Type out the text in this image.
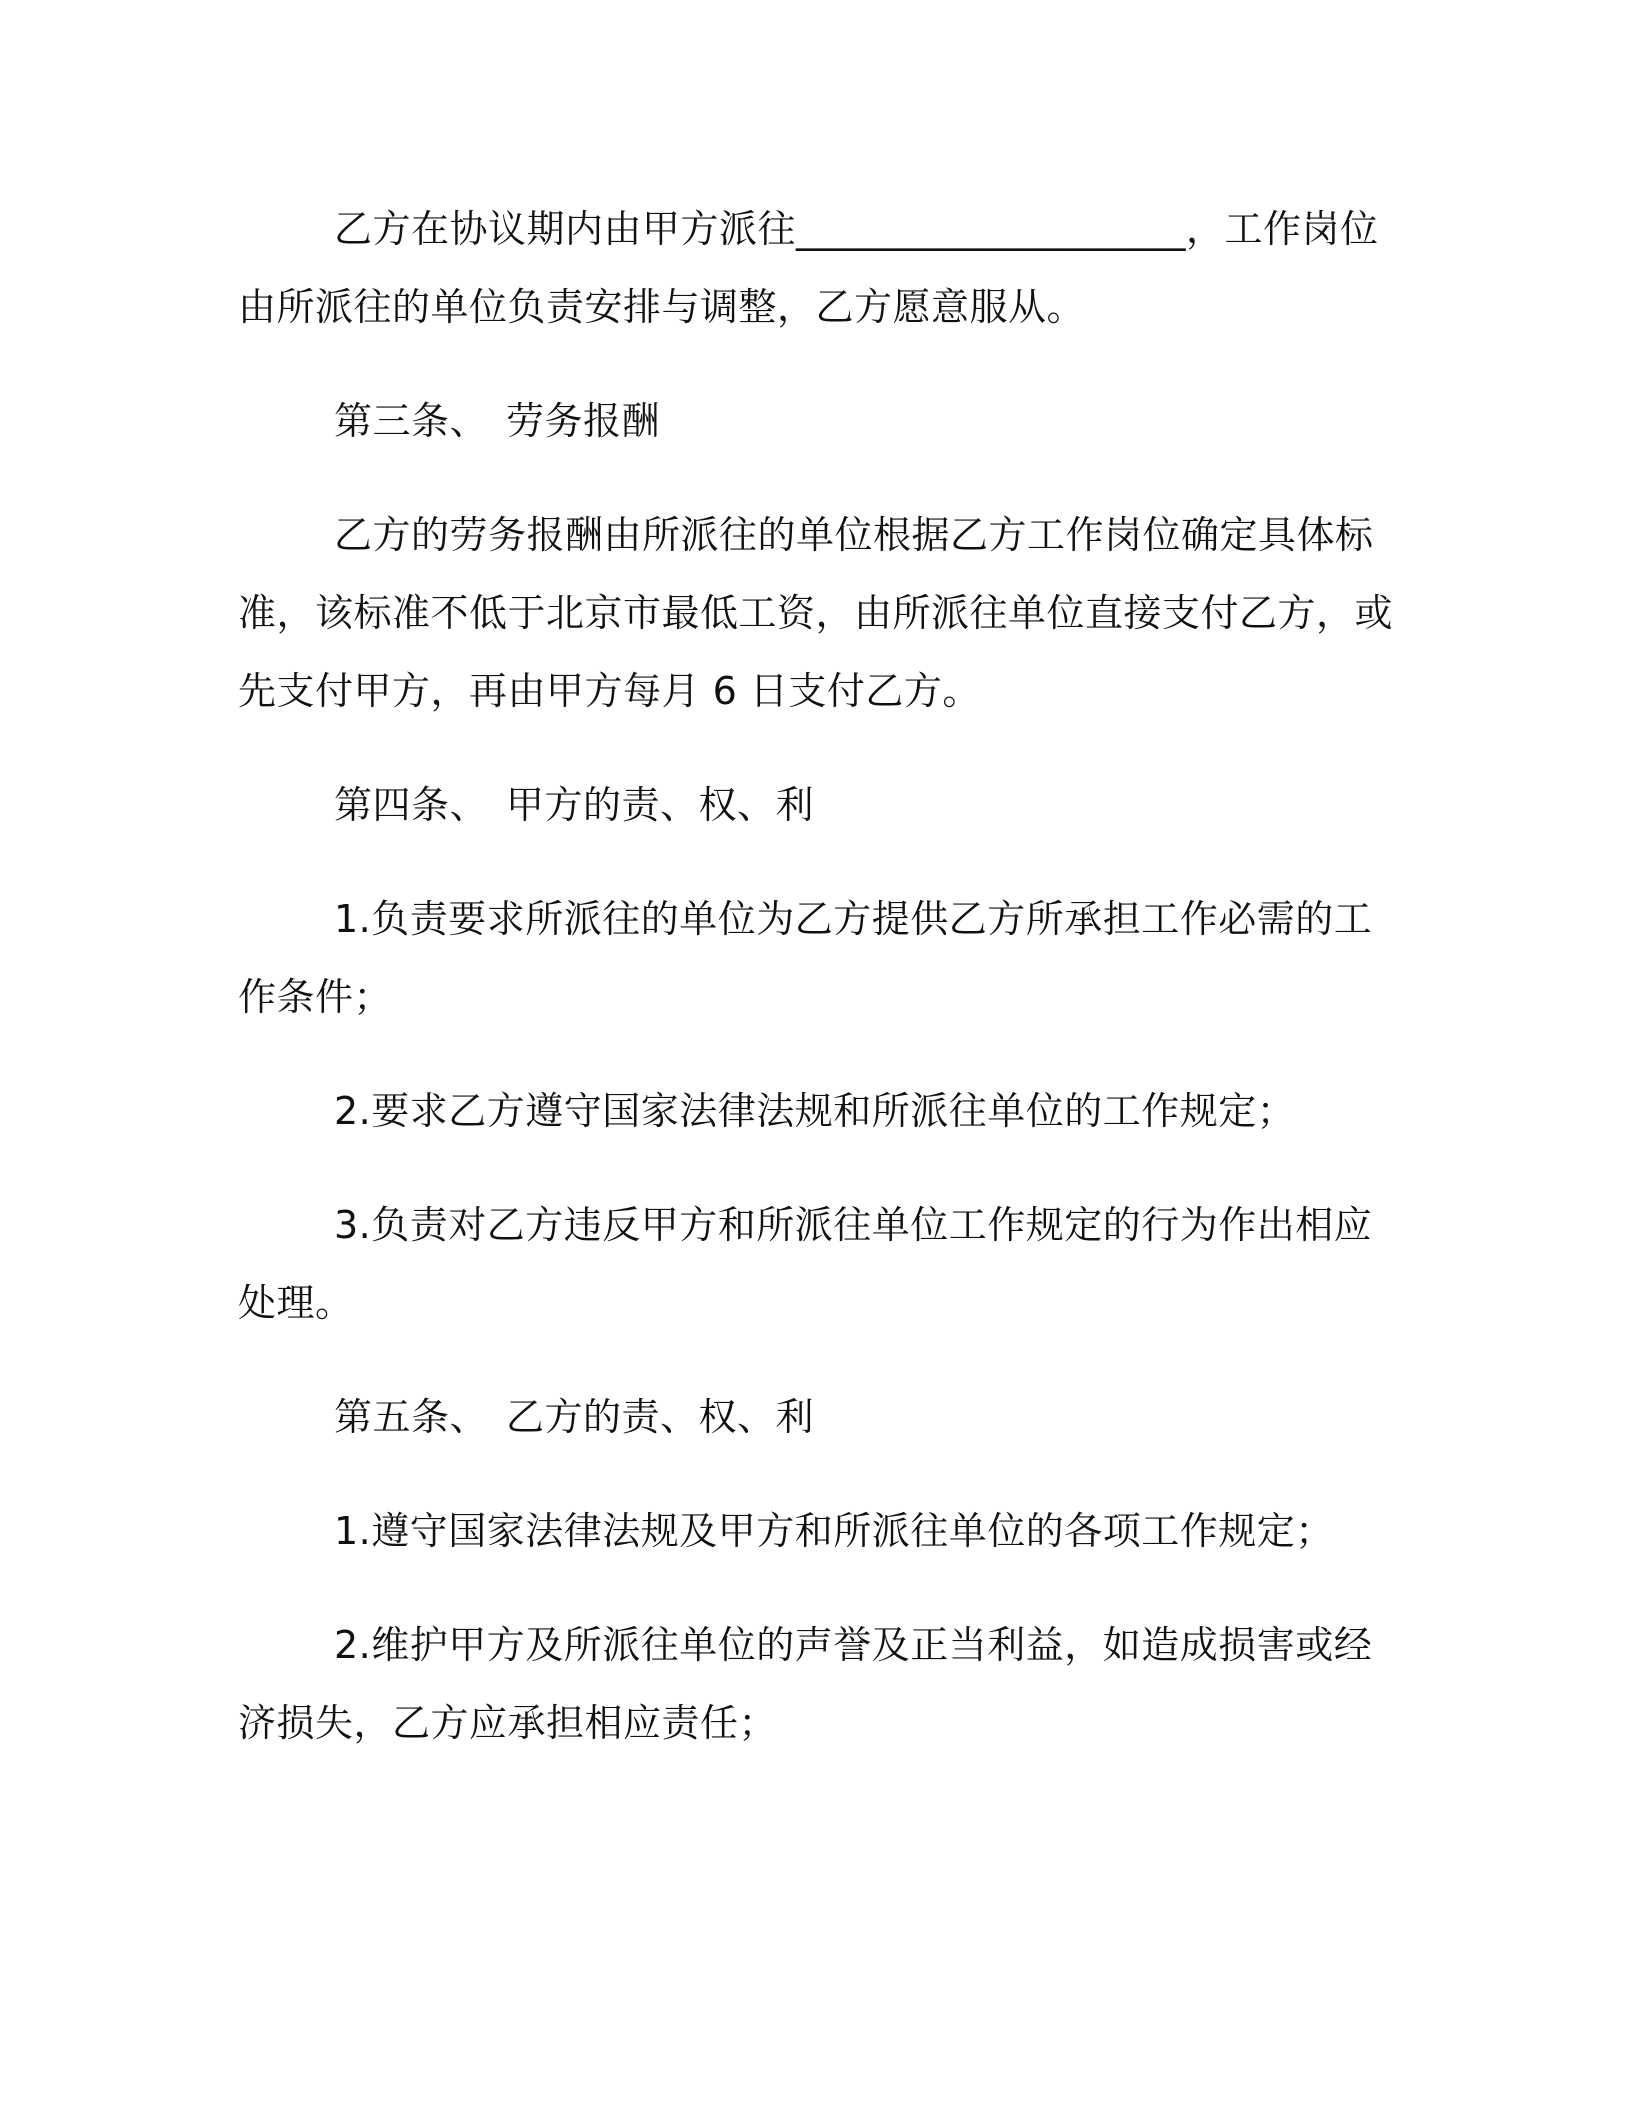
乙方在协议期内由甲方派往____________________，工作岗位由所派往的单位负责安排与调整，乙方愿意服从。

第三条、 劳务报酬

乙方的劳务报酬由所派往的单位根据乙方工作岗位确定具体标准，该标准不低于北京市最低工资，由所派往单位直接支付乙方，或先支付甲方，再由甲方每月 6 日支付乙方。

第四条、 甲方的责、权、利

1.负责要求所派往的单位为乙方提供乙方所承担工作必需的工作条件；

2.要求乙方遵守国家法律法规和所派往单位的工作规定；

3.负责对乙方违反甲方和所派往单位工作规定的行为作出相应处理。

第五条、 乙方的责、权、利

1.遵守国家法律法规及甲方和所派往单位的各项工作规定；

2.维护甲方及所派往单位的声誉及正当利益，如造成损害或经济损失，乙方应承担相应责任；
